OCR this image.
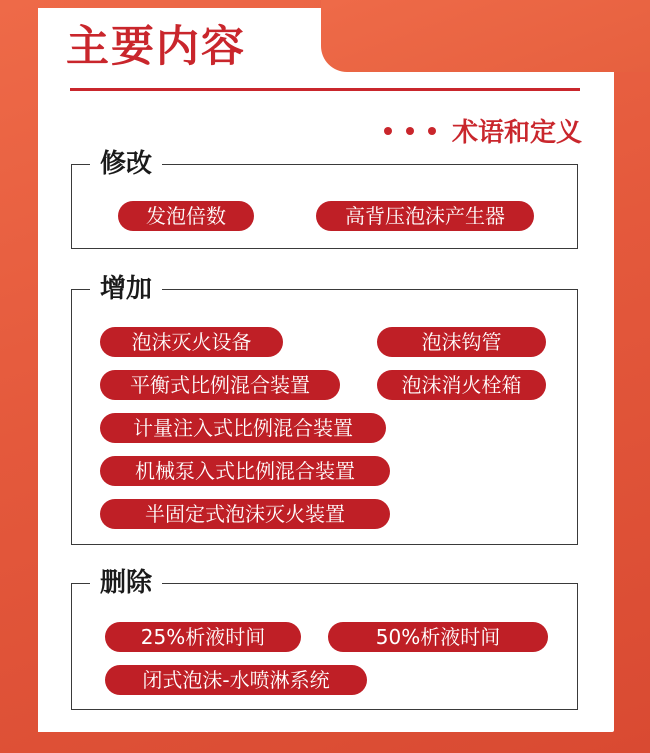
主要内容
术语和定义
修改
发泡倍数	高背压泡沫产生器
增加
泡沫灭火设备	泡沫钩管
平衡式比例混合装置	泡沫消火栓箱
计量注入式比例混合装置
机械泵入式比例混合装置
半固定式泡沫灭火装置
删除
25%析液时间	50%析液时间
闭式泡沫-水喷淋系统
